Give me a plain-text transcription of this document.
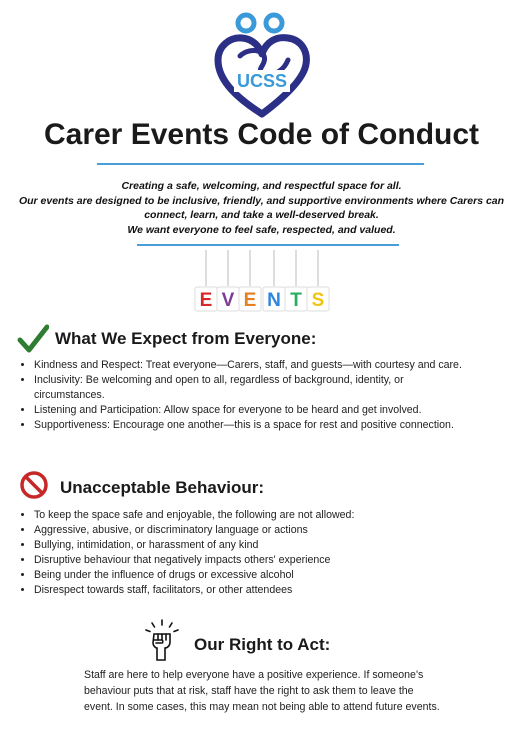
UCSS
Carer Events Code of Conduct
Creating a safe, welcoming, and respectful space for all.
Our events are designed to be inclusive, friendly, and supportive environments where Carers can
connect, learn, and take a well-deserved break.
We want everyone to feel safe, respected, and valued.
E V E N T S
What We Expect from Everyone:
• Kindness and Respect: Treat everyone—Carers, staff, and guests—with courtesy and care.
• Inclusivity: Be welcoming and open to all, regardless of background, identity, or
circumstances.
• Listening and Participation: Allow space for everyone to be heard and get involved.
• Supportiveness: Encourage one another—this is a space for rest and positive connection.
Unacceptable Behaviour:
• To keep the space safe and enjoyable, the following are not allowed:
• Aggressive, abusive, or discriminatory language or actions
• Bullying, intimidation, or harassment of any kind
• Disruptive behaviour that negatively impacts others' experience
• Being under the influence of drugs or excessive alcohol
• Disrespect towards staff, facilitators, or other attendees
Our Right to Act:
Staff are here to help everyone have a positive experience. If someone's
behaviour puts that at risk, staff have the right to ask them to leave the
event. In some cases, this may mean not being able to attend future events.
